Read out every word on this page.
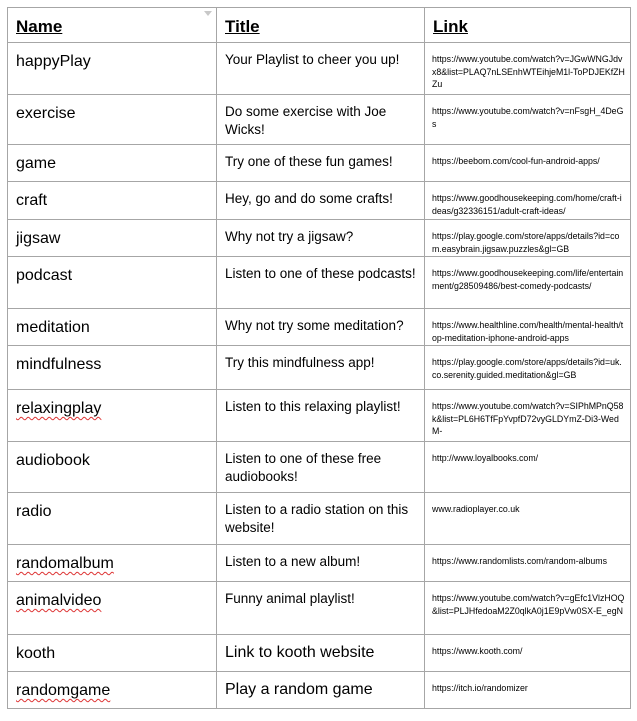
Name	Title	Link

happyPlay	Your Playlist to cheer you up!	https://www.youtube.com/watch?v=JGwWNGJdvx8&list=PLAQ7nLSEnhWTEihjeM1l-ToPDJEKfZHZu

exercise	Do some exercise with Joe Wicks!	https://www.youtube.com/watch?v=nFsgH_4DeGs

game	Try one of these fun games!	https://beebom.com/cool-fun-android-apps/

craft	Hey, go and do some crafts!	https://www.goodhousekeeping.com/home/craft-ideas/g32336151/adult-craft-ideas/

jigsaw	Why not try a jigsaw?	https://play.google.com/store/apps/details?id=com.easybrain.jigsaw.puzzles&gl=GB

podcast	Listen to one of these podcasts!	https://www.goodhousekeeping.com/life/entertainment/g28509486/best-comedy-podcasts/

meditation	Why not try some meditation?	https://www.healthline.com/health/mental-health/top-meditation-iphone-android-apps

mindfulness	Try this mindfulness app!	https://play.google.com/store/apps/details?id=uk.co.serenity.guided.meditation&gl=GB

relaxingplay	Listen to this relaxing playlist!	https://www.youtube.com/watch?v=SIPhMPnQ58k&list=PL6H6TfFpYvpfD72vyGLDYmZ-Di3-WedM-

audiobook	Listen to one of these free audiobooks!	http://www.loyalbooks.com/

radio	Listen to a radio station on this website!	www.radioplayer.co.uk

randomalbum	Listen to a new album!	https://www.randomlists.com/random-albums

animalvideo	Funny animal playlist!	https://www.youtube.com/watch?v=gEfc1VlzHOQ&list=PLJHfedoaM2Z0qlkA0j1E9pVw0SX-E_egN

kooth	Link to kooth website	https://www.kooth.com/

randomgame	Play a random game	https://itch.io/randomizer
